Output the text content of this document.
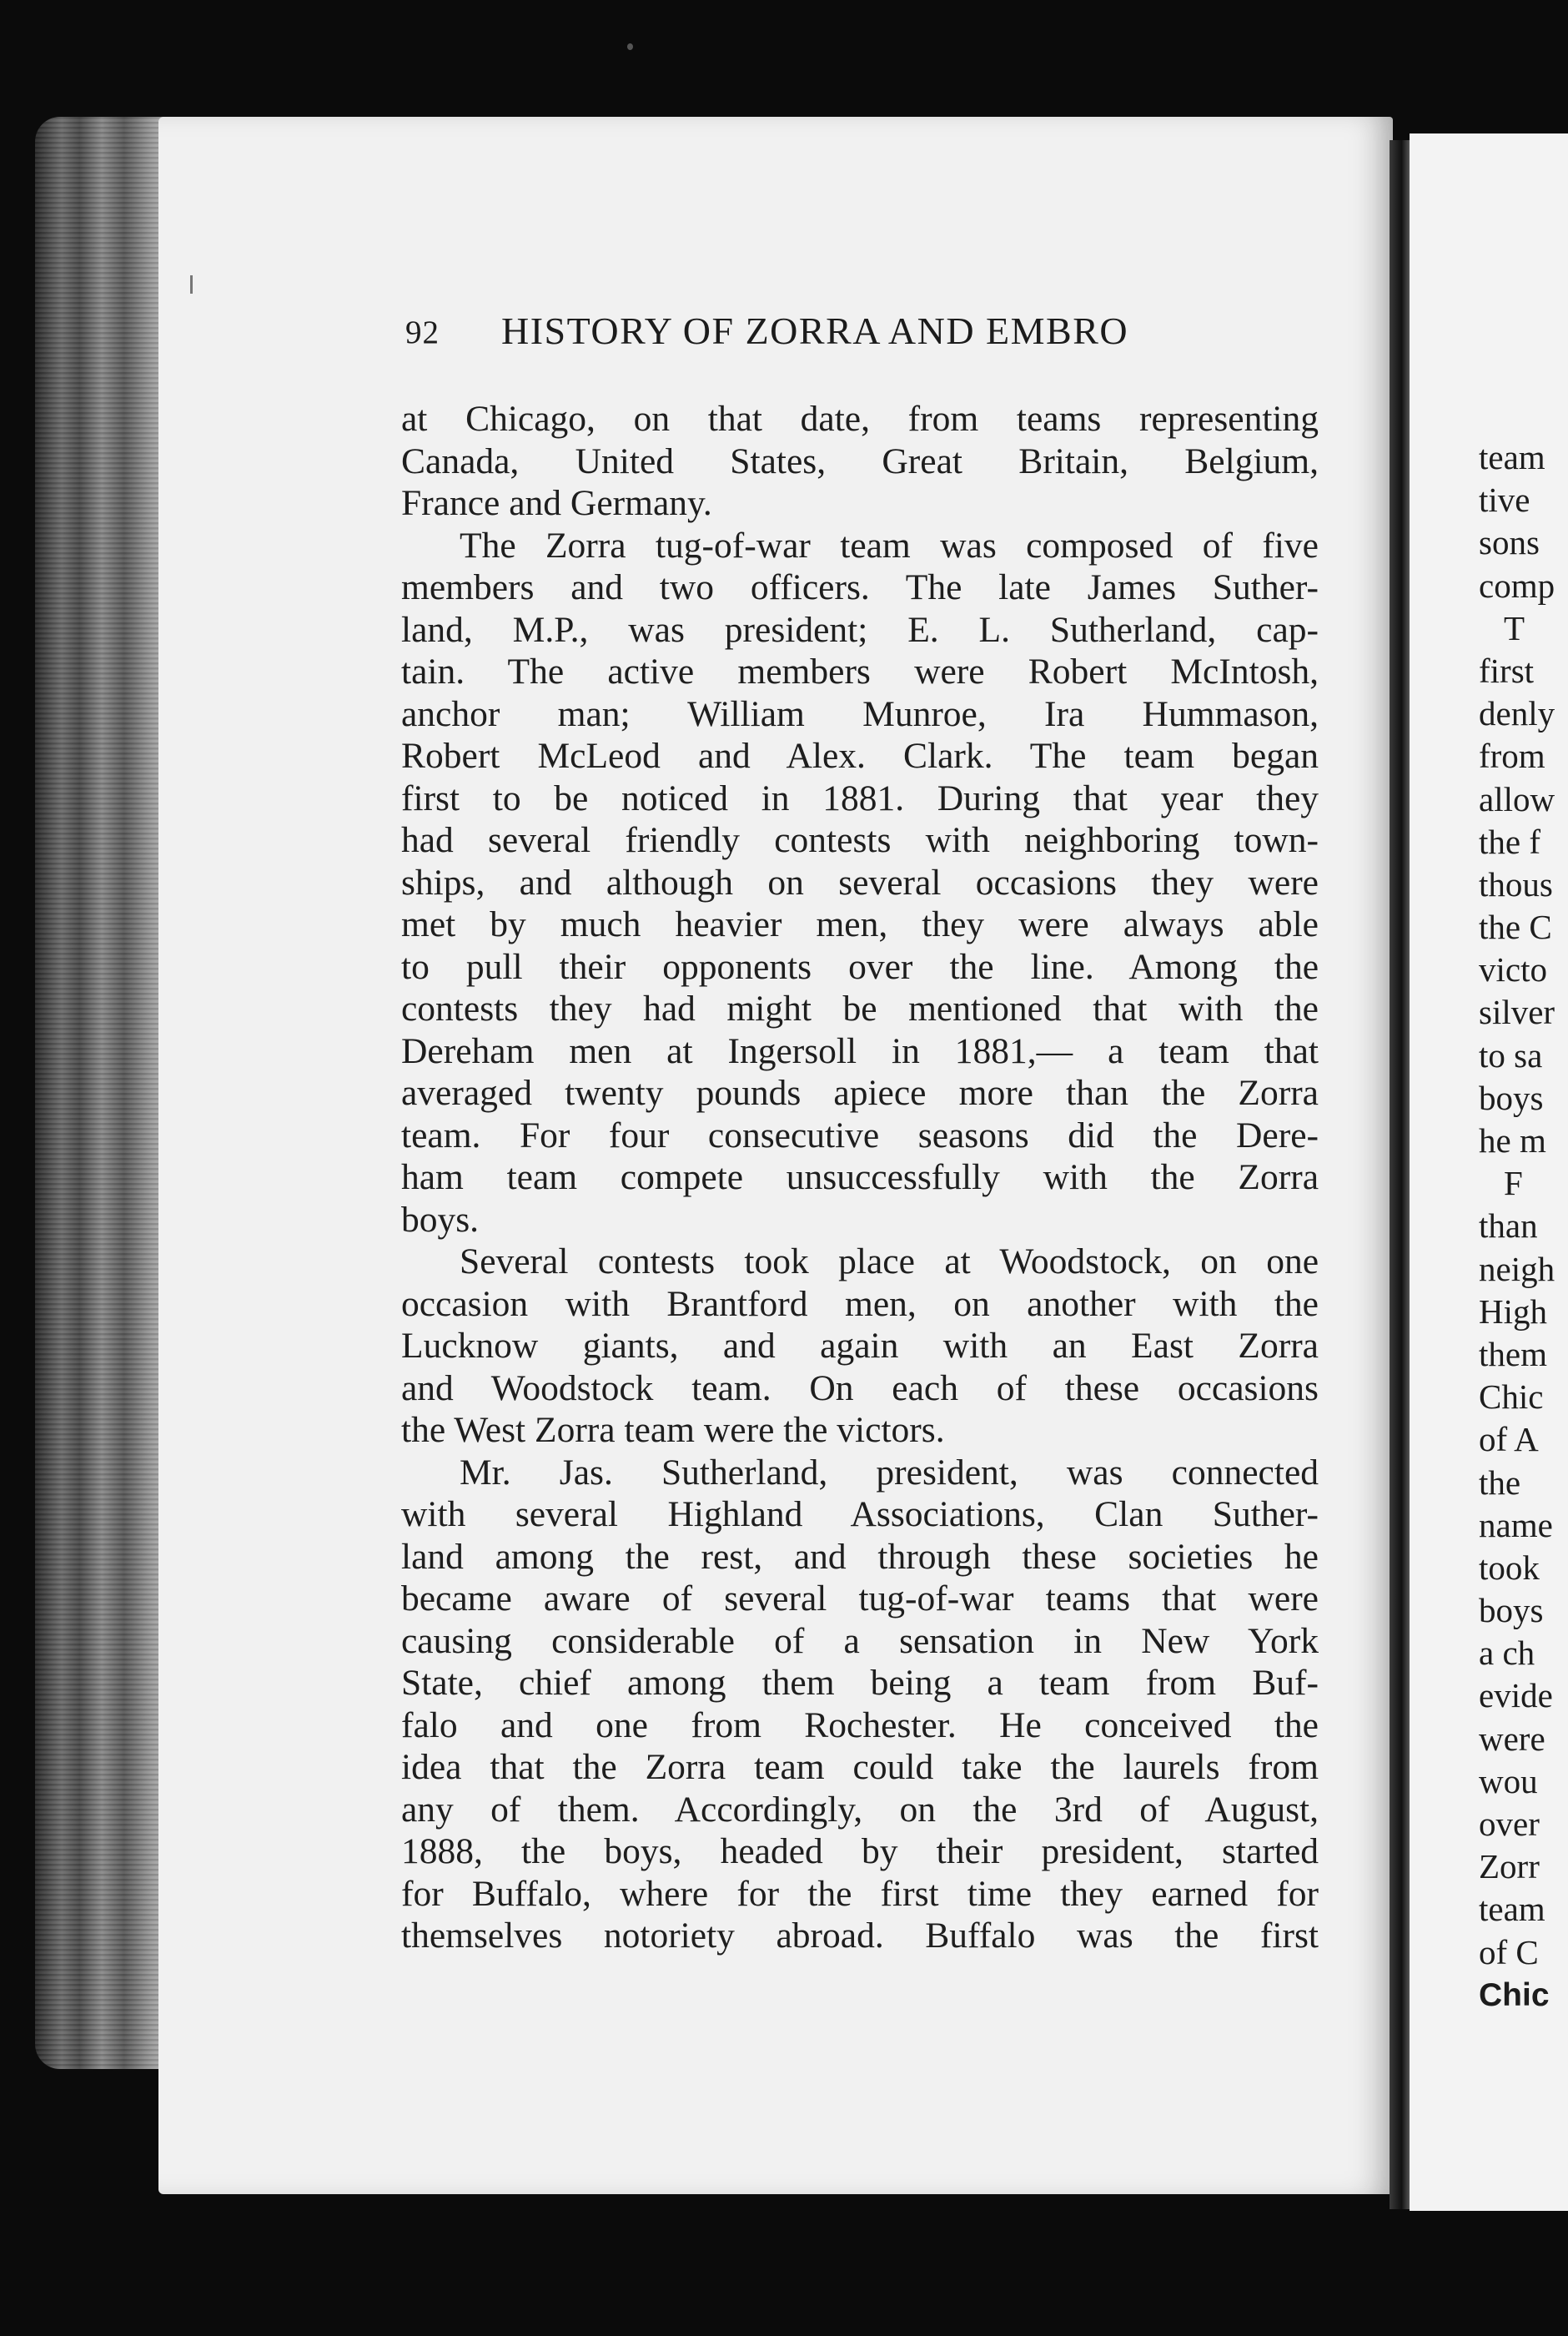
92 HISTORY OF ZORRA AND EMBRO
at Chicago, on that date, from teams representing
Canada, United States, Great Britain, Belgium,
France and Germany.
The Zorra tug-of-war team was composed of five
members and two officers. The late James Suther-
land, M.P., was president; E. L. Sutherland, cap-
tain. The active members were Robert McIntosh,
anchor man; William Munroe, Ira Hummason,
Robert McLeod and Alex. Clark. The team began
first to be noticed in 1881. During that year they
had several friendly contests with neighboring town-
ships, and although on several occasions they were
met by much heavier men, they were always able
to pull their opponents over the line. Among the
contests they had might be mentioned that with the
Dereham men at Ingersoll in 1881,— a team that
averaged twenty pounds apiece more than the Zorra
team. For four consecutive seasons did the Dere-
ham team compete unsuccessfully with the Zorra
boys.
Several contests took place at Woodstock, on one
occasion with Brantford men, on another with the
Lucknow giants, and again with an East Zorra
and Woodstock team. On each of these occasions
the West Zorra team were the victors.
Mr. Jas. Sutherland, president, was connected
with several Highland Associations, Clan Suther-
land among the rest, and through these societies he
became aware of several tug-of-war teams that were
causing considerable of a sensation in New York
State, chief among them being a team from Buf-
falo and one from Rochester. He conceived the
idea that the Zorra team could take the laurels from
any of them. Accordingly, on the 3rd of August,
1888, the boys, headed by their president, started
for Buffalo, where for the first time they earned for
themselves notoriety abroad. Buffalo was the first
team
tive
sons
comp
T
first
denly
from
allow
the f
thous
the C
victo
silver
to sa
boys
he m
F
than
neigh
High
them
Chic
of A
the
name
took
boys
a ch
evide
were
wou
over
Zorr
team
of C
Chic
